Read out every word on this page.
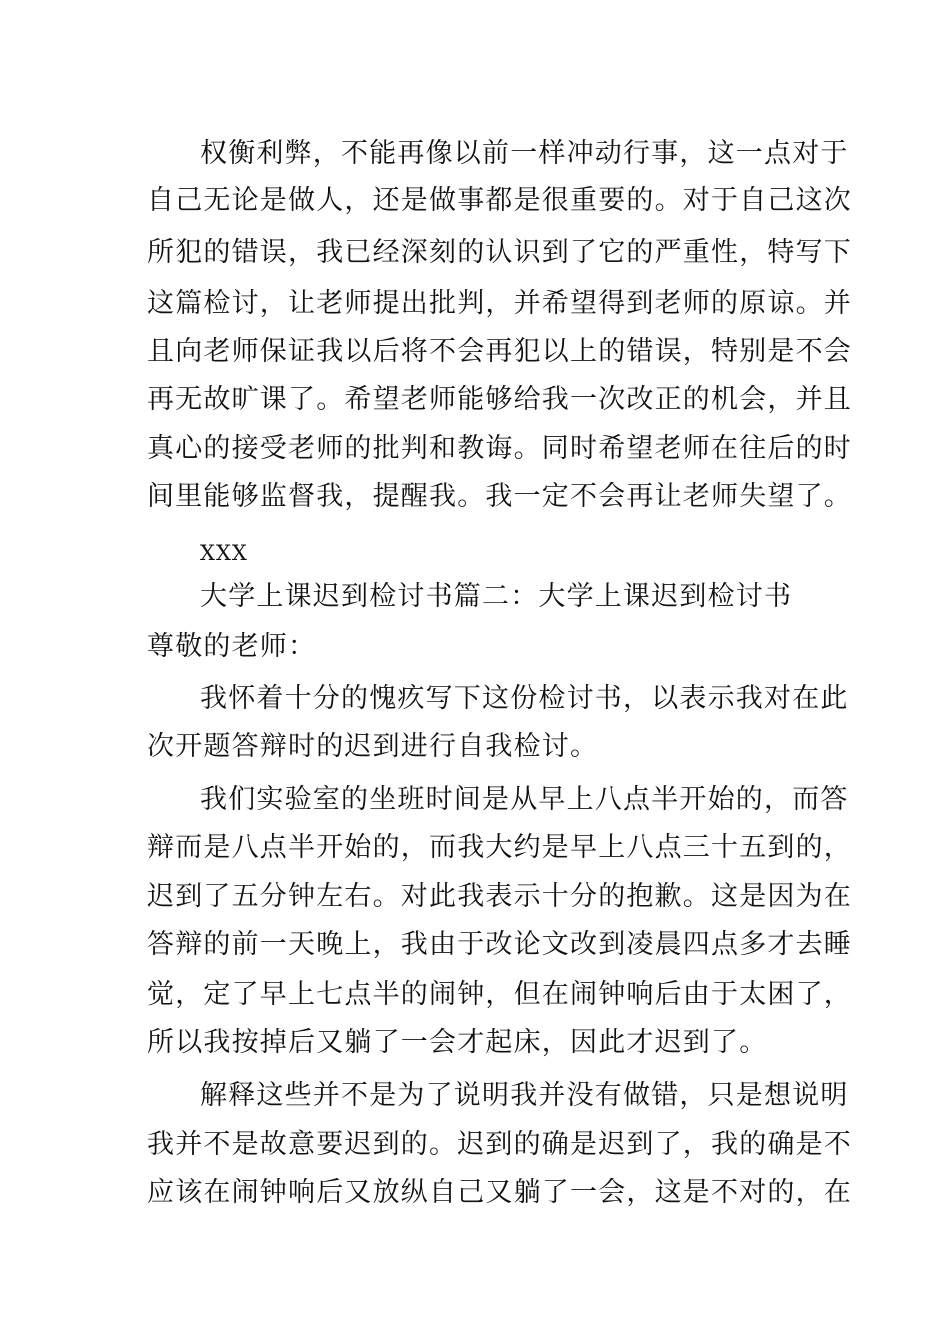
权衡利弊，不能再像以前一样冲动行事，这一点对于
自己无论是做人，还是做事都是很重要的。对于自己这次
所犯的错误，我已经深刻的认识到了它的严重性，特写下
这篇检讨，让老师提出批判，并希望得到老师的原谅。并
且向老师保证我以后将不会再犯以上的错误，特别是不会
再无故旷课了。希望老师能够给我一次改正的机会，并且
真心的接受老师的批判和教诲。同时希望老师在往后的时
间里能够监督我，提醒我。我一定不会再让老师失望了。
XXX
大学上课迟到检讨书篇二：大学上课迟到检讨书
尊敬的老师：
我怀着十分的愧疚写下这份检讨书，以表示我对在此
次开题答辩时的迟到进行自我检讨。
我们实验室的坐班时间是从早上八点半开始的，而答
辩而是八点半开始的，而我大约是早上八点三十五到的，
迟到了五分钟左右。对此我表示十分的抱歉。这是因为在
答辩的前一天晚上，我由于改论文改到凌晨四点多才去睡
觉，定了早上七点半的闹钟，但在闹钟响后由于太困了，
所以我按掉后又躺了一会才起床，因此才迟到了。
解释这些并不是为了说明我并没有做错，只是想说明
我并不是故意要迟到的。迟到的确是迟到了，我的确是不
应该在闹钟响后又放纵自己又躺了一会，这是不对的，在
